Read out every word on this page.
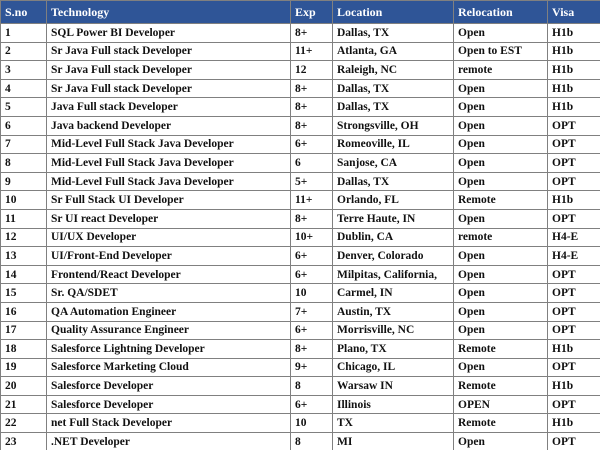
S.no	Technology	Exp	Location	Relocation	Visa
1	SQL Power BI Developer	8+	Dallas, TX	Open	H1b
2	Sr Java Full stack Developer	11+	Atlanta, GA	Open to EST	H1b
3	Sr Java Full stack Developer	12	Raleigh, NC	remote	H1b
4	Sr Java Full stack Developer	8+	Dallas, TX	Open	H1b
5	Java Full stack Developer	8+	Dallas, TX	Open	H1b
6	Java backend Developer	8+	Strongsville, OH	Open	OPT
7	Mid-Level Full Stack Java Developer	6+	Romeoville, IL	Open	OPT
8	Mid-Level Full Stack Java Developer	6	Sanjose, CA	Open	OPT
9	Mid-Level Full Stack Java Developer	5+	Dallas, TX	Open	OPT
10	Sr Full Stack UI Developer	11+	Orlando, FL	Remote	H1b
11	Sr UI react Developer	8+	Terre Haute, IN	Open	OPT
12	UI/UX Developer	10+	Dublin, CA	remote	H4-E
13	UI/Front-End Developer	6+	Denver, Colorado	Open	H4-E
14	Frontend/React Developer	6+	Milpitas, California,	Open	OPT
15	Sr. QA/SDET	10	Carmel, IN	Open	OPT
16	QA Automation Engineer	7+	Austin, TX	Open	OPT
17	Quality Assurance Engineer	6+	Morrisville, NC	Open	OPT
18	Salesforce Lightning Developer	8+	Plano, TX	Remote	H1b
19	Salesforce Marketing Cloud	9+	Chicago, IL	Open	OPT
20	Salesforce Developer	8	Warsaw IN	Remote	H1b
21	Salesforce Developer	6+	Illinois	OPEN	OPT
22	net Full Stack Developer	10	TX	Remote	H1b
23	.NET Developer	8	MI	Open	OPT
